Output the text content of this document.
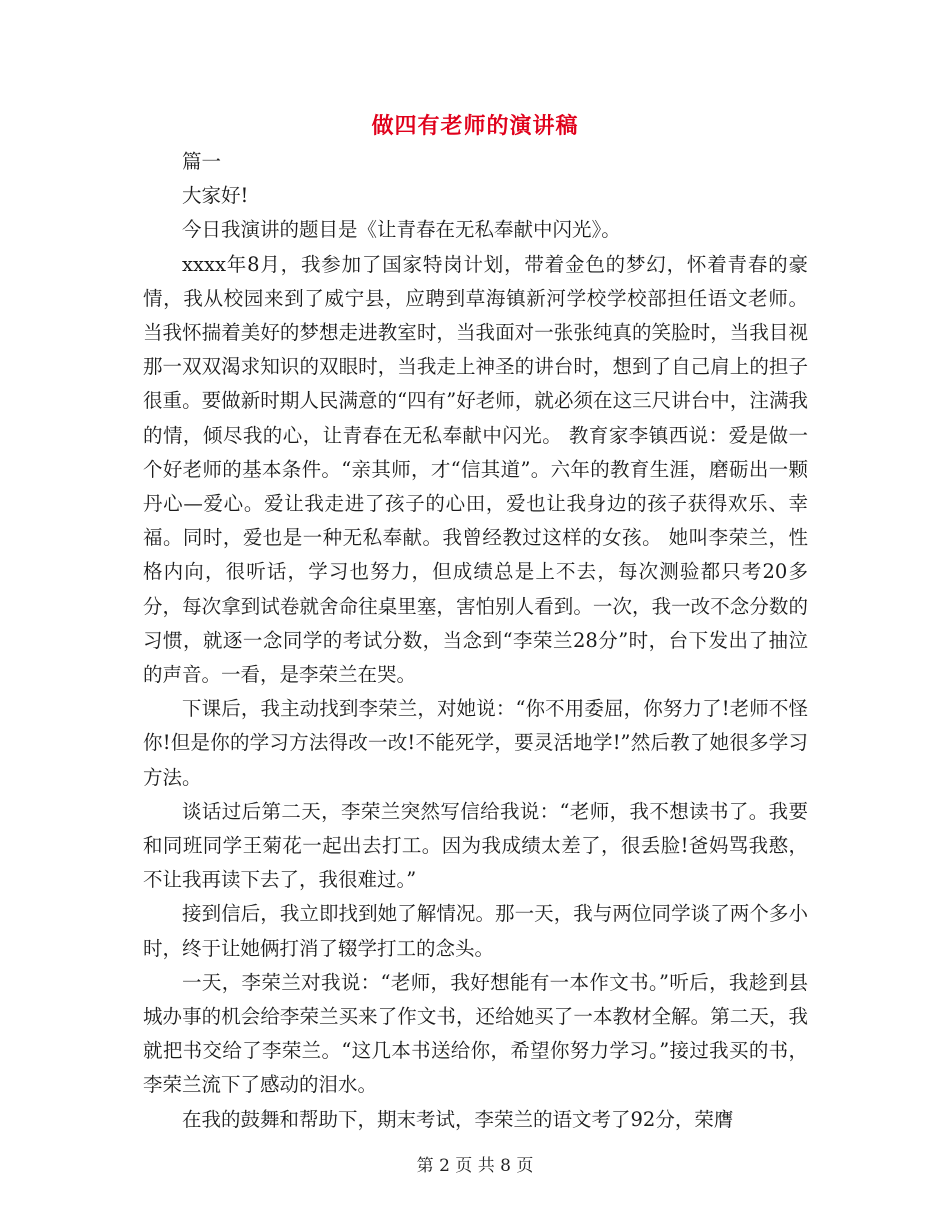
做四有老师的演讲稿

篇一

大家好!

今日我演讲的题目是《让青春在无私奉献中闪光》。

xxxx年8月，我参加了国家特岗计划，带着金色的梦幻，怀着青春的豪情，我从校园来到了威宁县，应聘到草海镇新河学校学校部担任语文老师。 当我怀揣着美好的梦想走进教室时，当我面对一张张纯真的笑脸时，当我目视那一双双渴求知识的双眼时，当我走上神圣的讲台时，想到了自己肩上的担子很重。要做新时期人民满意的“四有”好老师，就必须在这三尺讲台中，注满我的情，倾尽我的心，让青春在无私奉献中闪光。 教育家李镇西说：爱是做一个好老师的基本条件。“亲其师，才“信其道”。六年的教育生涯，磨砺出一颗丹心—爱心。爱让我走进了孩子的心田，爱也让我身边的孩子获得欢乐、幸福。同时，爱也是一种无私奉献。我曾经教过这样的女孩。 她叫李荣兰，性格内向，很听话，学习也努力，但成绩总是上不去，每次测验都只考20多分，每次拿到试卷就舍命往桌里塞，害怕别人看到。一次，我一改不念分数的习惯，就逐一念同学的考试分数，当念到“李荣兰28分”时，台下发出了抽泣的声音。一看，是李荣兰在哭。

下课后，我主动找到李荣兰，对她说：“你不用委屈，你努力了!老师不怪你!但是你的学习方法得改一改!不能死学，要灵活地学!”然后教了她很多学习方法。

谈话过后第二天，李荣兰突然写信给我说：“老师，我不想读书了。我要和同班同学王菊花一起出去打工。因为我成绩太差了，很丢脸!爸妈骂我憨，不让我再读下去了，我很难过。”

接到信后，我立即找到她了解情况。那一天，我与两位同学谈了两个多小时，终于让她俩打消了辍学打工的念头。

一天，李荣兰对我说：“老师，我好想能有一本作文书。”听后，我趁到县城办事的机会给李荣兰买来了作文书，还给她买了一本教材全解。第二天，我就把书交给了李荣兰。“这几本书送给你，希望你努力学习。”接过我买的书，李荣兰流下了感动的泪水。

在我的鼓舞和帮助下，期末考试，李荣兰的语文考了92分，荣膺

第 2 页 共 8 页
